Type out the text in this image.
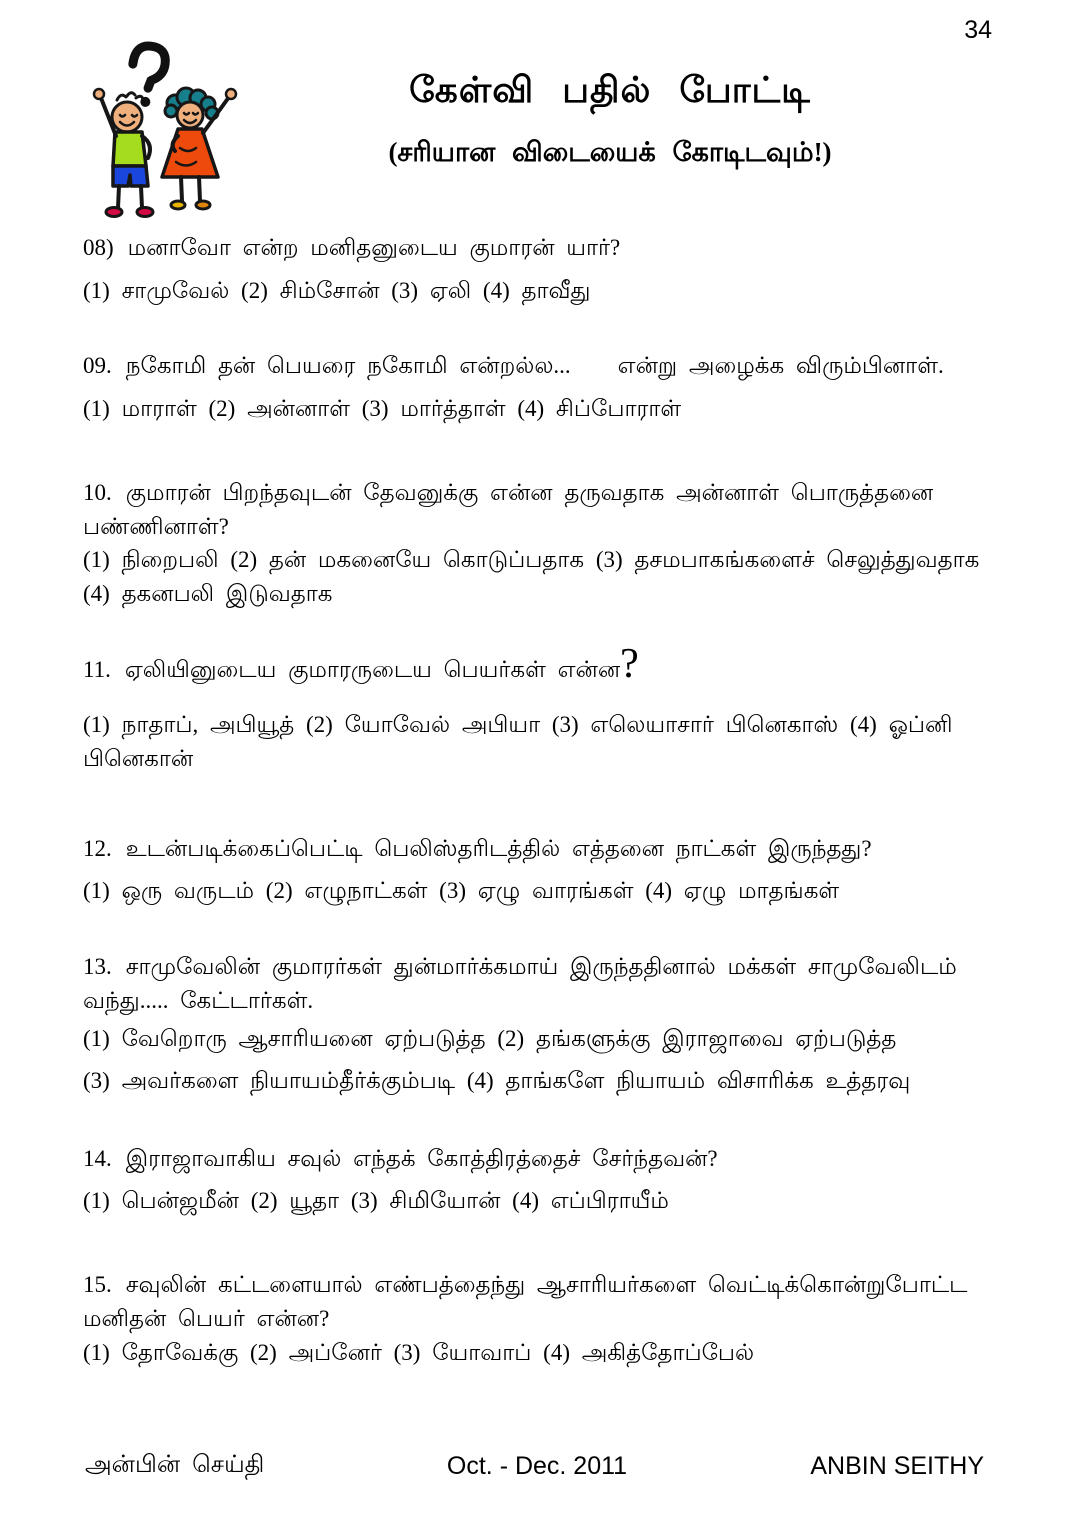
34
கேள்வி பதில் போட்டி
(சரியான விடையைக் கோடிடவும்!)
08) மனாவோ என்ற மனிதனுடைய குமாரன் யார்?
(1) சாமுவேல் (2) சிம்சோன் (3) ஏலி (4) தாவீது
09. நகோமி தன் பெயரை நகோமி என்றல்ல...    என்று அழைக்க விரும்பினாள்.
(1) மாராள் (2) அன்னாள் (3) மார்த்தாள் (4) சிப்போராள்
10. குமாரன் பிறந்தவுடன் தேவனுக்கு என்ன தருவதாக அன்னாள் பொருத்தனை பண்ணினாள்?
(1) நிறைபலி (2) தன் மகனையே கொடுப்பதாக (3) தசமபாகங்களைச் செலுத்துவதாக (4) தகனபலி இடுவதாக
11. ஏலியினுடைய குமாரருடைய பெயர்கள் என்ன?
(1) நாதாப், அபியூத் (2) யோவேல் அபியா (3) எலெயாசார் பினெகாஸ் (4) ஓப்னி பினெகான்
12. உடன்படிக்கைப்பெட்டி பெலிஸ்தரிடத்தில் எத்தனை நாட்கள் இருந்தது?
(1) ஒரு வருடம் (2) எழுநாட்கள் (3) ஏழு வாரங்கள் (4) ஏழு மாதங்கள்
13. சாமுவேலின் குமாரர்கள் துன்மார்க்கமாய் இருந்ததினால் மக்கள் சாமுவேலிடம் வந்து..... கேட்டார்கள்.
(1) வேறொரு ஆசாரியனை ஏற்படுத்த (2) தங்களுக்கு இராஜாவை ஏற்படுத்த
(3) அவர்களை நியாயம்தீர்க்கும்படி (4) தாங்களே நியாயம் விசாரிக்க உத்தரவு
14. இராஜாவாகிய சவுல் எந்தக் கோத்திரத்தைச் சேர்ந்தவன்?
(1) பென்ஜமீன் (2) யூதா (3) சிமியோன் (4) எப்பிராயீம்
15. சவுலின் கட்டளையால் எண்பத்தைந்து ஆசாரியர்களை வெட்டிக்கொன்றுபோட்ட மனிதன் பெயர் என்ன?
(1) தோவேக்கு (2) அப்னேர் (3) யோவாப் (4) அகித்தோப்பேல்
அன்பின்  செய்தி	Oct. - Dec. 2011	ANBIN SEITHY
